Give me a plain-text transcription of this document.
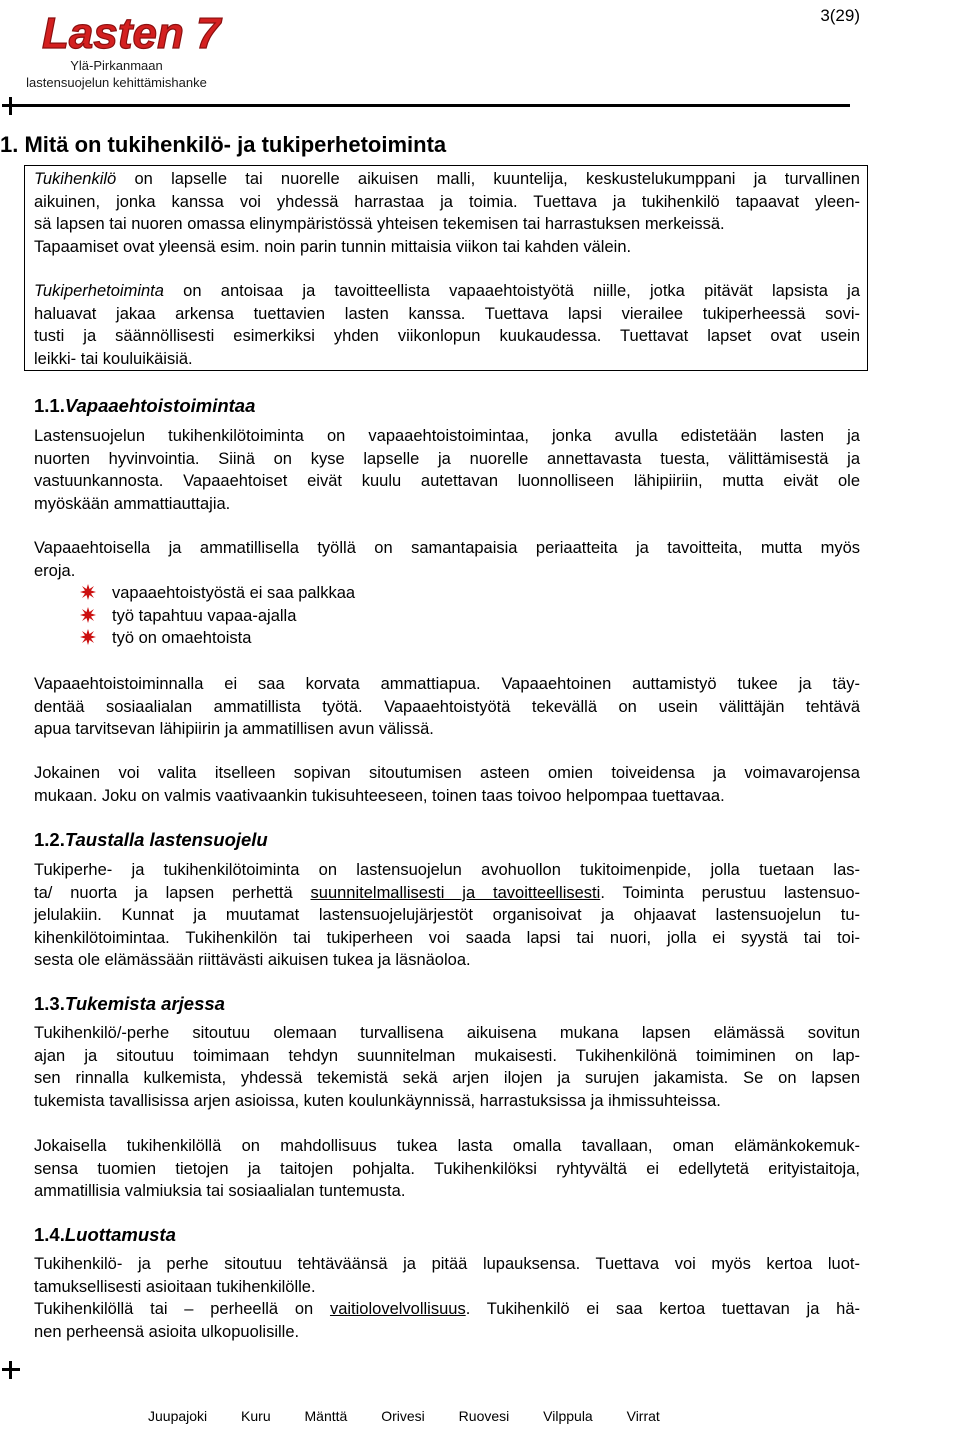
Lasten 7
Ylä-Pirkanmaan
lastensuojelun kehittämishanke
3(29)
1. Mitä on tukihenkilö- ja tukiperhetoiminta

Tukihenkilö on lapselle tai nuorelle aikuisen malli, kuuntelija, keskustelukumppani ja turvallinen
aikuinen, jonka kanssa voi yhdessä harrastaa ja toimia. Tuettava ja tukihenkilö tapaavat yleen-
sä lapsen tai nuoren omassa elinympäristössä yhteisen tekemisen tai harrastuksen merkeissä.
Tapaamiset ovat yleensä esim. noin parin tunnin mittaisia viikon tai kahden välein.

Tukiperhetoiminta on antoisaa ja tavoitteellista vapaaehtoistyötä niille, jotka pitävät lapsista ja
haluavat jakaa arkensa tuettavien lasten kanssa. Tuettava lapsi vierailee tukiperheessä sovi-
tusti ja säännöllisesti esimerkiksi yhden viikonlopun kuukaudessa. Tuettavat lapset ovat usein
leikki- tai kouluikäisiä.

1.1.Vapaaehtoistoimintaa

Lastensuojelun tukihenkilötoiminta on vapaaehtoistoimintaa, jonka avulla edistetään lasten ja
nuorten hyvinvointia. Siinä on kyse lapselle ja nuorelle annettavasta tuesta, välittämisestä ja
vastuunkannosta. Vapaaehtoiset eivät kuulu autettavan luonnolliseen lähipiiriin, mutta eivät ole
myöskään ammattiauttajia.

Vapaaehtoisella ja ammatillisella työllä on samantapaisia periaatteita ja tavoitteita, mutta myös
eroja.

vapaaehtoistyöstä ei saa palkkaa
työ tapahtuu vapaa-ajalla
työ on omaehtoista

Vapaaehtoistoiminnalla ei saa korvata ammattiapua. Vapaaehtoinen auttamistyö tukee ja täy-
dentää sosiaalialan ammatillista työtä. Vapaaehtoistyötä tekevällä on usein välittäjän tehtävä
apua tarvitsevan lähipiirin ja ammatillisen avun välissä.

Jokainen voi valita itselleen sopivan sitoutumisen asteen omien toiveidensa ja voimavarojensa
mukaan. Joku on valmis vaativaankin tukisuhteeseen, toinen taas toivoo helpompaa tuettavaa.

1.2.Taustalla lastensuojelu

Tukiperhe- ja tukihenkilötoiminta on lastensuojelun avohuollon tukitoimenpide, jolla tuetaan las-
ta/ nuorta ja lapsen perhettä suunnitelmallisesti ja tavoitteellisesti. Toiminta perustuu lastensuo-
jelulakiin. Kunnat ja muutamat lastensuojelujärjestöt organisoivat ja ohjaavat lastensuojelun tu-
kihenkilötoimintaa. Tukihenkilön tai tukiperheen voi saada lapsi tai nuori, jolla ei syystä tai toi-
sesta ole elämässään riittävästi aikuisen tukea ja läsnäoloa.

1.3.Tukemista arjessa

Tukihenkilö/-perhe sitoutuu olemaan turvallisena aikuisena mukana lapsen elämässä sovitun
ajan ja sitoutuu toimimaan tehdyn suunnitelman mukaisesti. Tukihenkilönä toimiminen on lap-
sen rinnalla kulkemista, yhdessä tekemistä sekä arjen ilojen ja surujen jakamista. Se on lapsen
tukemista tavallisissa arjen asioissa, kuten koulunkäynnissä, harrastuksissa ja ihmissuhteissa.

Jokaisella tukihenkilöllä on mahdollisuus tukea lasta omalla tavallaan, oman elämänkokemuk-
sensa tuomien tietojen ja taitojen pohjalta. Tukihenkilöksi ryhtyvältä ei edellytetä erityistaitoja,
ammatillisia valmiuksia tai sosiaalialan tuntemusta.

1.4.Luottamusta

Tukihenkilö- ja perhe sitoutuu tehtäväänsä ja pitää lupauksensa. Tuettava voi myös kertoa luot-
tamuksellisesti asioitaan tukihenkilölle.

Tukihenkilöllä tai – perheellä on vaitiolovelvollisuus. Tukihenkilö ei saa kertoa tuettavan ja hä-
nen perheensä asioita ulkopuolisille.

Juupajoki Kuru Mänttä Orivesi Ruovesi Vilppula Virrat
